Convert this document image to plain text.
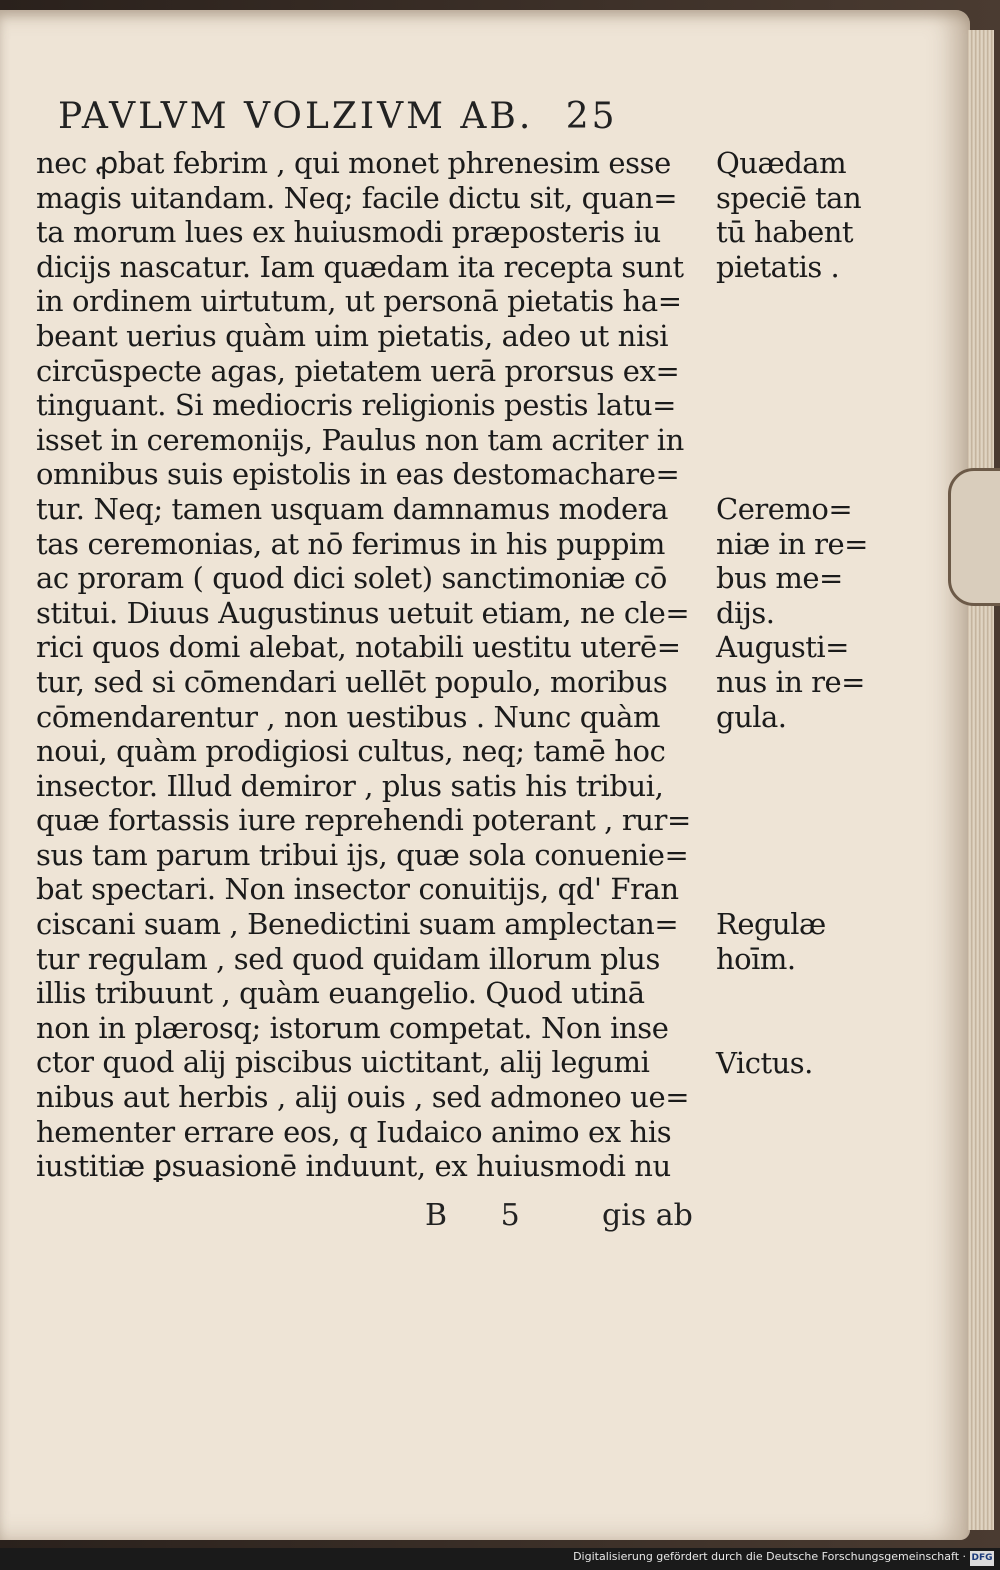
PAVLVM VOLZIVM AB. 25
nec ꝓbat febrim , qui monet phrenesim esse
magis uitandam. Neq; facile dictu sit, quan=
ta morum lues ex huiusmodi præposteris iu
dicijs nascatur. Iam quædam ita recepta sunt
in ordinem uirtutum, ut personā pietatis ha=
beant uerius quàm uim pietatis, adeo ut nisi
circūspecte agas, pietatem uerā prorsus ex=
tinguant. Si mediocris religionis pestis latu=
isset in ceremonijs, Paulus non tam acriter in
omnibus suis epistolis in eas destomachare=
tur. Neq; tamen usquam damnamus modera
tas ceremonias, at nō ferimus in his puppim
ac proram ( quod dici solet) sanctimoniæ cō
stitui. Diuus Augustinus uetuit etiam, ne cle=
rici quos domi alebat, notabili uestitu uterē=
tur, sed si cōmendari uellēt populo, moribus
cōmendarentur , non uestibus . Nunc quàm
noui, quàm prodigiosi cultus, neq; tamē hoc
insector. Illud demiror , plus satis his tribui,
quæ fortassis iure reprehendi poterant , rur=
sus tam parum tribui ijs, quæ sola conuenie=
bat spectari. Non insector conuitijs, qd' Fran
ciscani suam , Benedictini suam amplectan=
tur regulam , sed quod quidam illorum plus
illis tribuunt , quàm euangelio. Quod utinā
non in plærosq; istorum competat. Non inse
ctor quod alij piscibus uictitant, alij legumi
nibus aut herbis , alij ouis , sed admoneo ue=
hementer errare eos, q Iudaico animo ex his
iustitiæ ꝑsuasionē induunt, ex huiusmodi nu
Quædam
speciē tan
tū habent
pietatis .
Ceremo=
niæ in re=
bus me=
dijs.
Augusti=
nus in re=
gula.
Regulæ
hoīm.
Victus.
B 5 gis ab
Digitalisierung gefördert durch die Deutsche Forschungsgemeinschaft · DFG
